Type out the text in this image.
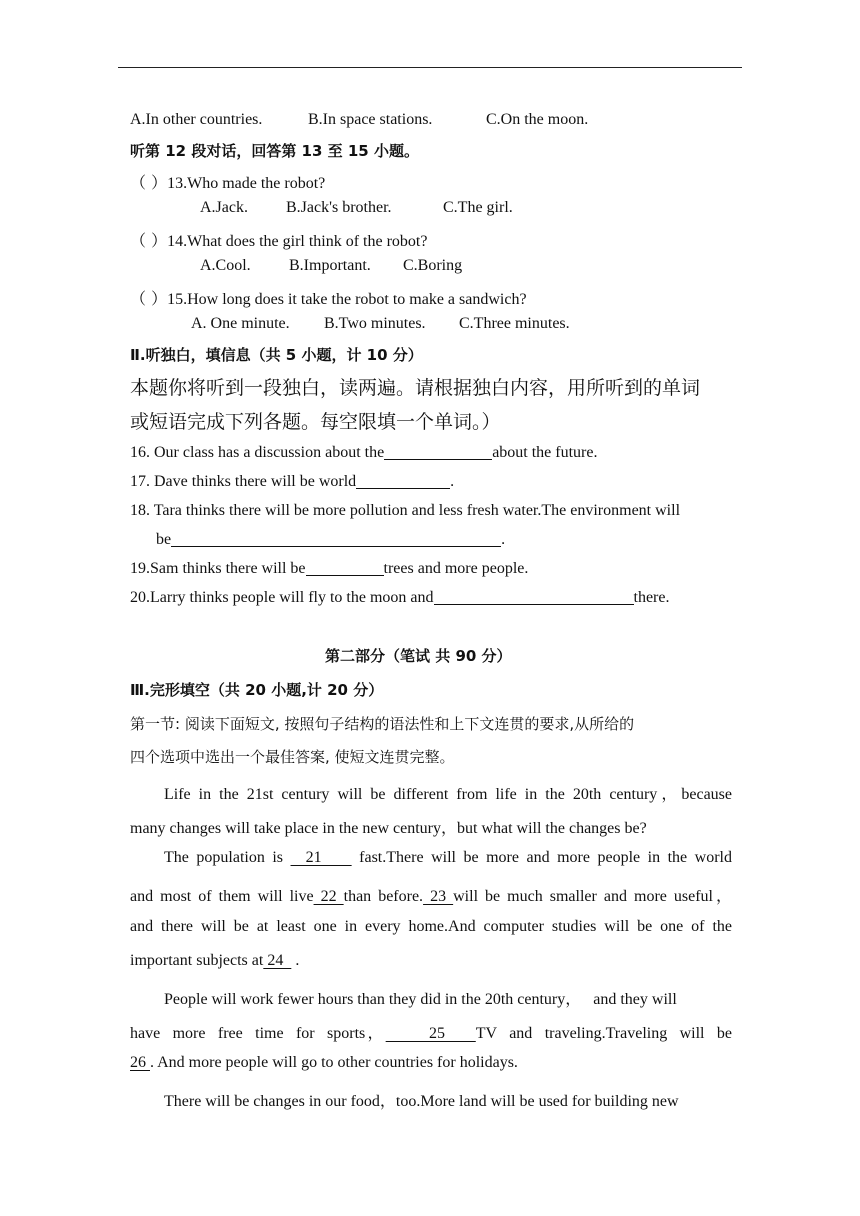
A.In other countries.	B.In space stations.	C.On the moon.
听第 12 段对话，回答第 13 至 15 小题。
（ ）13.Who made the robot?
A.Jack. B.Jack's brother.	C.The girl.
（ ）14.What does the girl think of the robot?
A.Cool. B.Important. C.Boring
（ ）15.How long does it take the robot to make a sandwich?
A. One minute. B.Two minutes. C.Three minutes.
Ⅱ.听独白，填信息（共 5 小题，计 10 分）
本题你将听到一段独白，读两遍。请根据独白内容，用所听到的单词
或短语完成下列各题。每空限填一个单词。）
16. Our class has a discussion about the	about the future.
17. Dave thinks there will be world	.
18. Tara thinks there will be more pollution and less fresh water.The environment will
be	.
19.Sam thinks there will be	trees and more people.
20.Larry thinks people will fly to the moon and	there.
第二部分（笔试 共 90 分）
Ⅲ.完形填空（共 20 小题,计 20 分）
第一节: 阅读下面短文, 按照句子结构的语法性和上下文连贯的要求,从所给的
四个选项中选出一个最佳答案, 使短文连贯完整。
Life in the 21st century will be different from life in the 20th century，because
many changes will take place in the new century，but what will the changes be?
The population is   21     fast.There will be more and more people in the world
and most of them will live 22 than before. 23 will be much smaller and more useful，
and there will be at least one in every home.And computer studies will be one of the
important subjects at 24   .
People will work fewer hours than they did in the 20th century，   and they will
have  more  free  time  for  sports，       25     TV  and  traveling.Traveling  will  be
26 . And more people will go to other countries for holidays.
There will be changes in our food，too.More land will be used for building new
